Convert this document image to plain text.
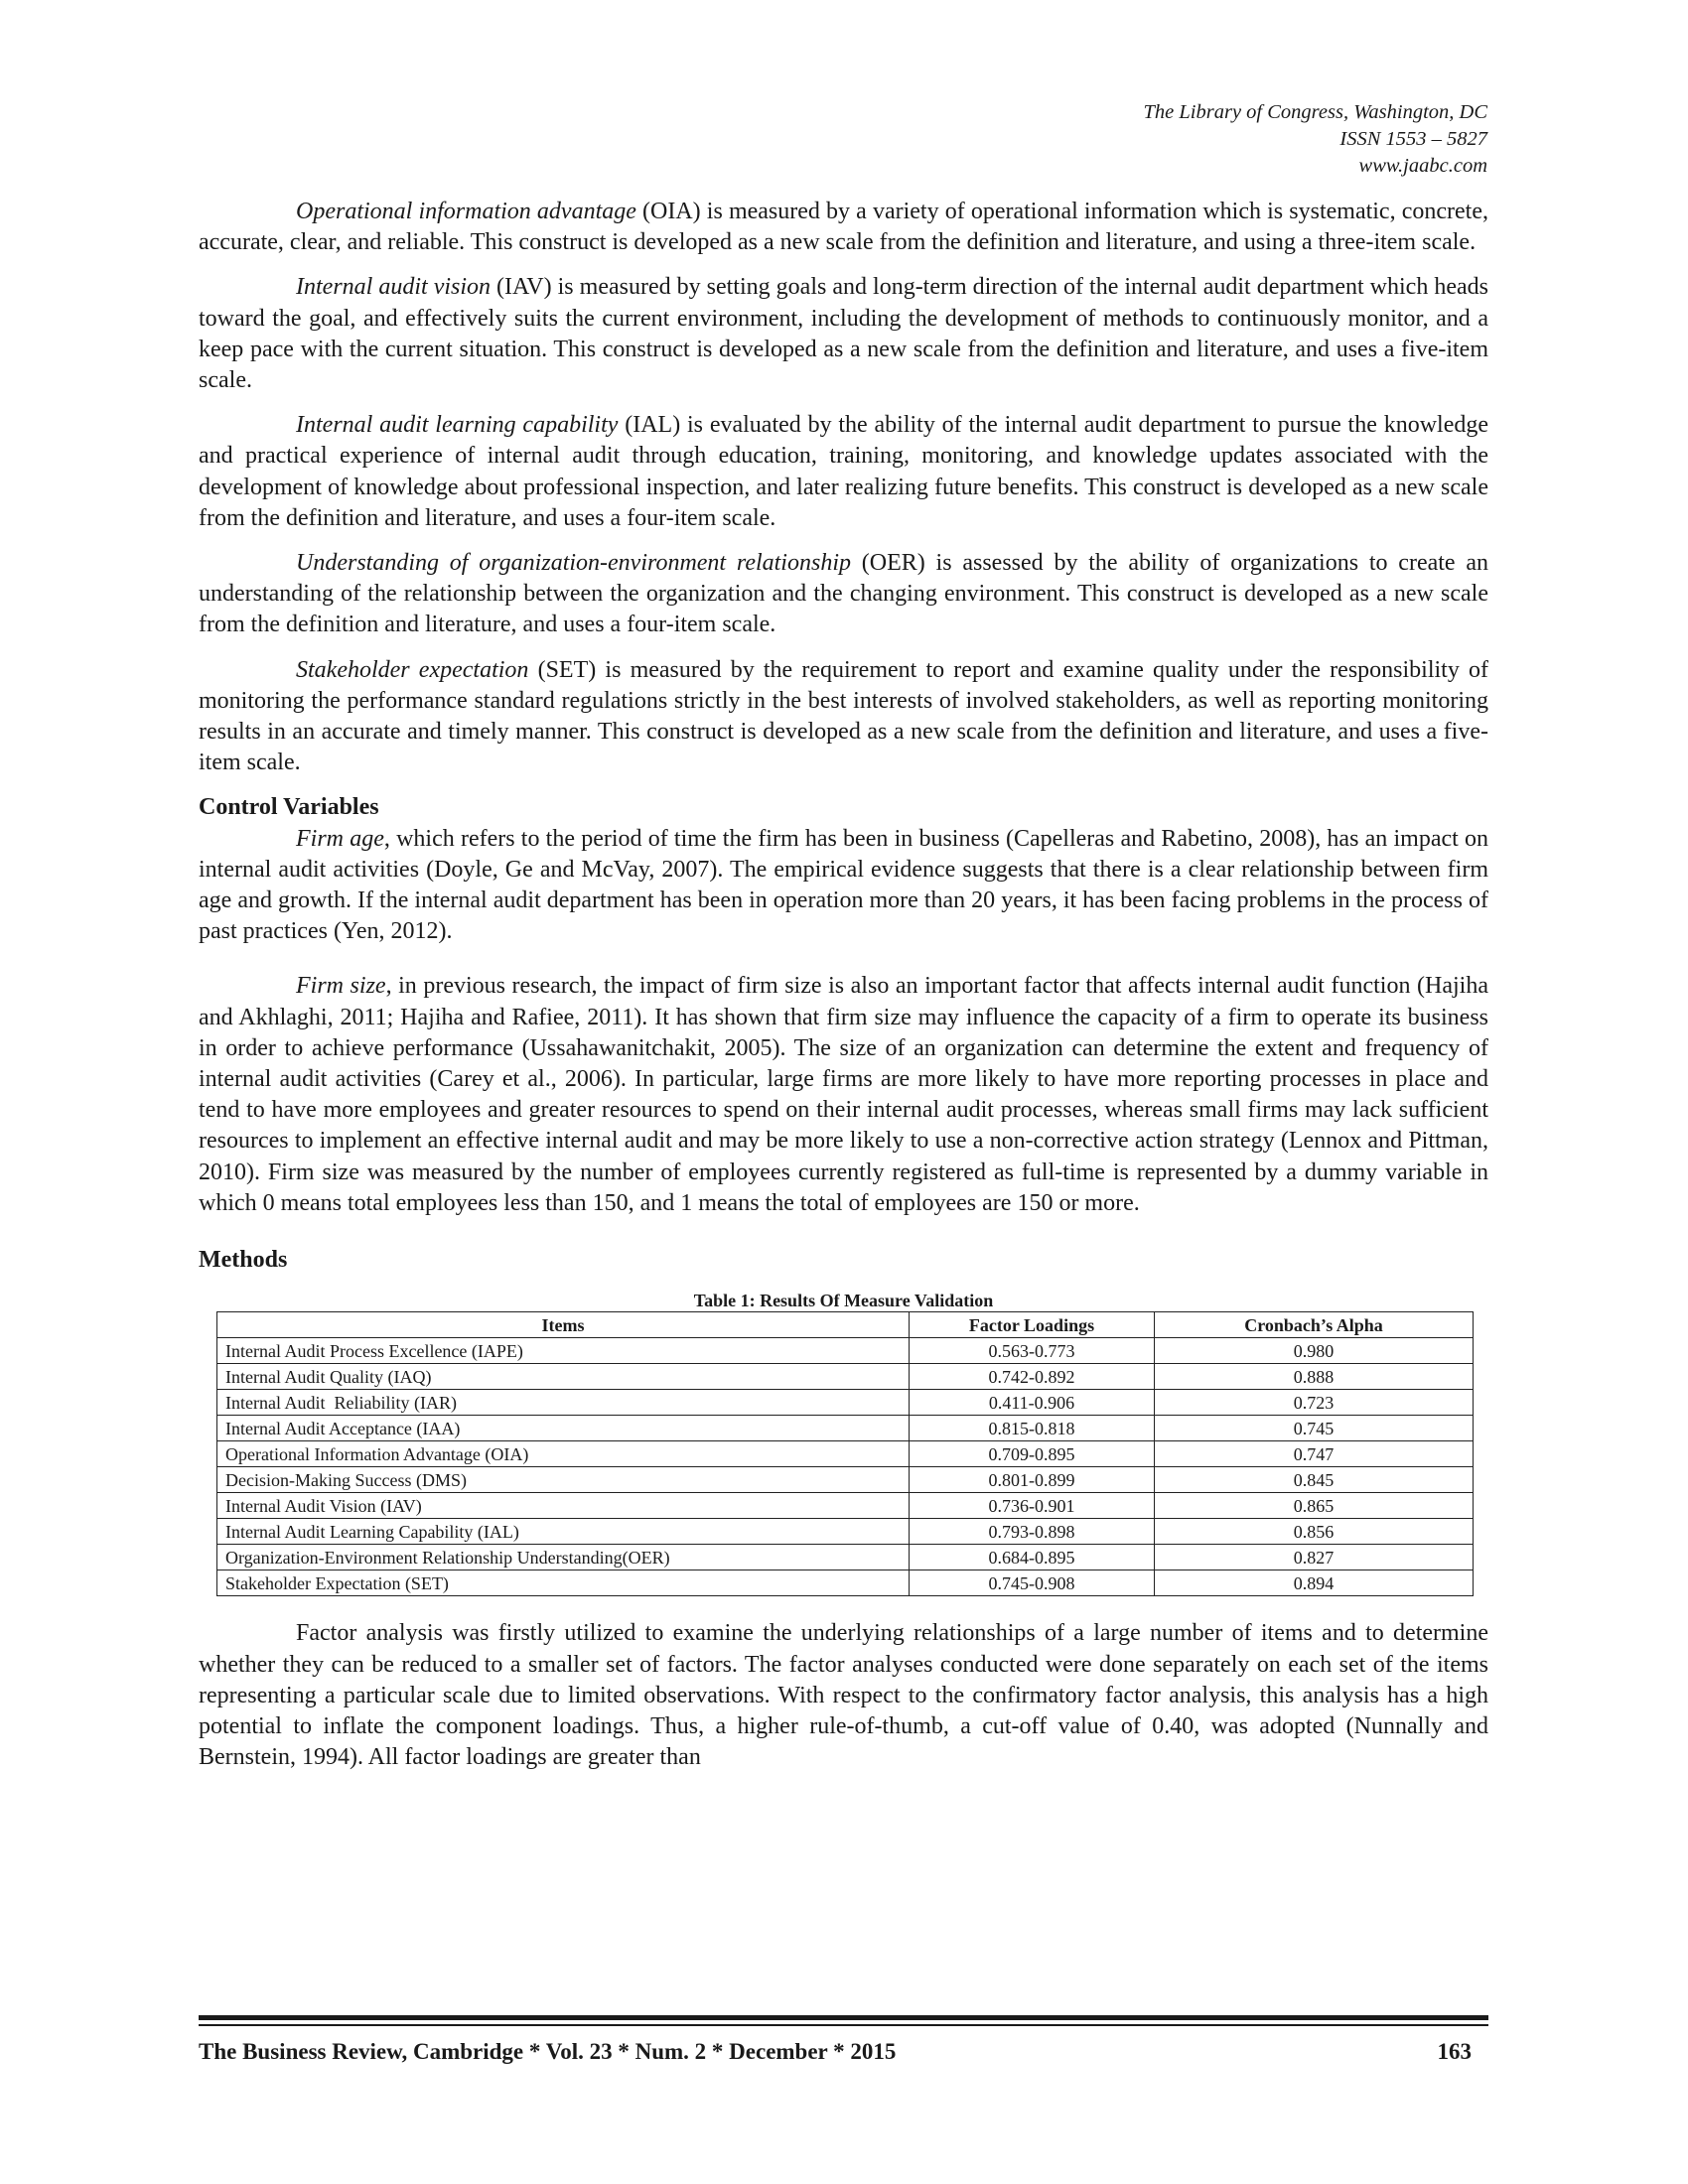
The Library of Congress, Washington, DC
ISSN 1553 – 5827
www.jaabc.com

Operational information advantage (OIA) is measured by a variety of operational information which is systematic, concrete, accurate, clear, and reliable. This construct is developed as a new scale from the definition and literature, and using a three-item scale.

Internal audit vision (IAV) is measured by setting goals and long-term direction of the internal audit department which heads toward the goal, and effectively suits the current environment, including the development of methods to continuously monitor, and a keep pace with the current situation. This construct is developed as a new scale from the definition and literature, and uses a five-item scale.

Internal audit learning capability (IAL) is evaluated by the ability of the internal audit department to pursue the knowledge and practical experience of internal audit through education, training, monitoring, and knowledge updates associated with the development of knowledge about professional inspection, and later realizing future benefits. This construct is developed as a new scale from the definition and literature, and uses a four-item scale.

Understanding of organization-environment relationship (OER) is assessed by the ability of organizations to create an understanding of the relationship between the organization and the changing environment. This construct is developed as a new scale from the definition and literature, and uses a four-item scale.

Stakeholder expectation (SET) is measured by the requirement to report and examine quality under the responsibility of monitoring the performance standard regulations strictly in the best interests of involved stakeholders, as well as reporting monitoring results in an accurate and timely manner. This construct is developed as a new scale from the definition and literature, and uses a five-item scale.

Control Variables

Firm age, which refers to the period of time the firm has been in business (Capelleras and Rabetino, 2008), has an impact on internal audit activities (Doyle, Ge and McVay, 2007). The empirical evidence suggests that there is a clear relationship between firm age and growth. If the internal audit department has been in operation more than 20 years, it has been facing problems in the process of past practices (Yen, 2012).

Firm size, in previous research, the impact of firm size is also an important factor that affects internal audit function (Hajiha and Akhlaghi, 2011; Hajiha and Rafiee, 2011). It has shown that firm size may influence the capacity of a firm to operate its business in order to achieve performance (Ussahawanitchakit, 2005). The size of an organization can determine the extent and frequency of internal audit activities (Carey et al., 2006). In particular, large firms are more likely to have more reporting processes in place and tend to have more employees and greater resources to spend on their internal audit processes, whereas small firms may lack sufficient resources to implement an effective internal audit and may be more likely to use a non-corrective action strategy (Lennox and Pittman, 2010). Firm size was measured by the number of employees currently registered as full-time is represented by a dummy variable in which 0 means total employees less than 150, and 1 means the total of employees are 150 or more.

Methods
Table 1: Results Of Measure Validation
Items	Factor Loadings	Cronbach’s Alpha
Internal Audit Process Excellence (IAPE)	0.563-0.773	0.980
Internal Audit Quality (IAQ)	0.742-0.892	0.888
Internal Audit  Reliability (IAR)	0.411-0.906	0.723
Internal Audit Acceptance (IAA)	0.815-0.818	0.745
Operational Information Advantage (OIA)	0.709-0.895	0.747
Decision-Making Success (DMS)	0.801-0.899	0.845
Internal Audit Vision (IAV)	0.736-0.901	0.865
Internal Audit Learning Capability (IAL)	0.793-0.898	0.856
Organization-Environment Relationship Understanding(OER)	0.684-0.895	0.827
Stakeholder Expectation (SET)	0.745-0.908	0.894

Factor analysis was firstly utilized to examine the underlying relationships of a large number of items and to determine whether they can be reduced to a smaller set of factors. The factor analyses conducted were done separately on each set of the items representing a particular scale due to limited observations. With respect to the confirmatory factor analysis, this analysis has a high potential to inflate the component loadings. Thus, a higher rule-of-thumb, a cut-off value of 0.40, was adopted (Nunnally and Bernstein, 1994). All factor loadings are greater than

The Business Review, Cambridge * Vol. 23 * Num. 2 * December * 2015	163
